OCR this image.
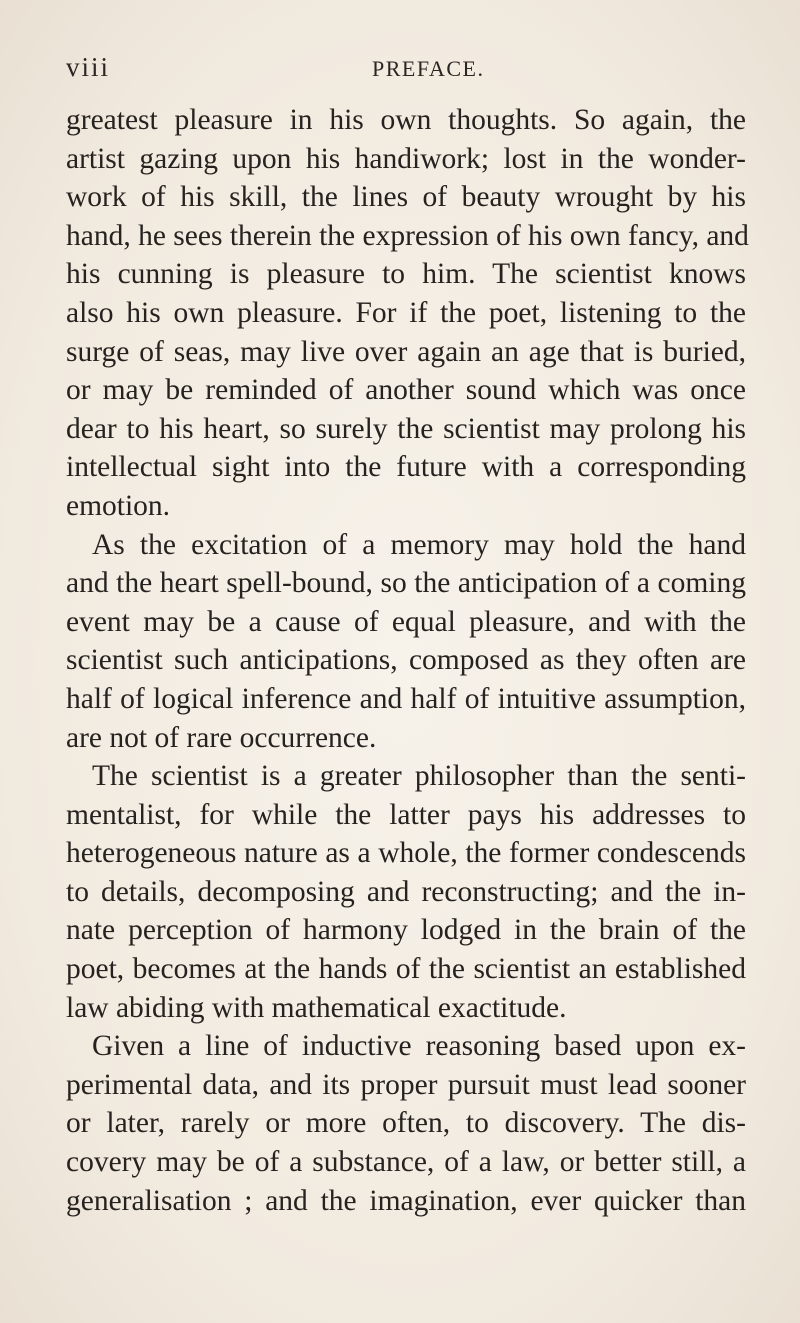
viii	PREFACE.
greatest pleasure in his own thoughts. So again, the
artist gazing upon his handiwork; lost in the wonder-
work of his skill, the lines of beauty wrought by his
hand, he sees therein the expression of his own fancy, and
his cunning is pleasure to him. The scientist knows
also his own pleasure. For if the poet, listening to the
surge of seas, may live over again an age that is buried,
or may be reminded of another sound which was once
dear to his heart, so surely the scientist may prolong his
intellectual sight into the future with a corresponding
emotion.
As the excitation of a memory may hold the hand
and the heart spell-bound, so the anticipation of a coming
event may be a cause of equal pleasure, and with the
scientist such anticipations, composed as they often are
half of logical inference and half of intuitive assumption,
are not of rare occurrence.
The scientist is a greater philosopher than the senti-
mentalist, for while the latter pays his addresses to
heterogeneous nature as a whole, the former condescends
to details, decomposing and reconstructing; and the in-
nate perception of harmony lodged in the brain of the
poet, becomes at the hands of the scientist an established
law abiding with mathematical exactitude.
Given a line of inductive reasoning based upon ex-
perimental data, and its proper pursuit must lead sooner
or later, rarely or more often, to discovery. The dis-
covery may be of a substance, of a law, or better still, a
generalisation ; and the imagination, ever quicker than
